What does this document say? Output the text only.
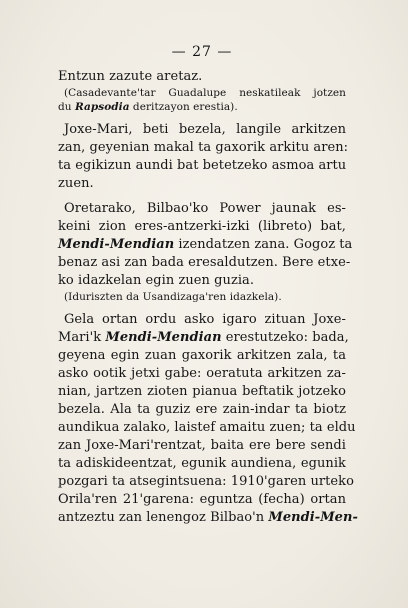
— 27 —
Entzun zazute aretaz.
(Casadevante'tar Guadalupe neskatileak jotzen
du Rapsodia deritzayon erestia).
Joxe-Mari, beti bezela, langile arkitzen
zan, geyenian makal ta gaxorik arkitu aren:
ta egikizun aundi bat betetzeko asmoa artu
zuen.
Oretarako, Bilbao'ko Power jaunak es-
keini zion eres-antzerki-izki (libreto) bat,
Mendi-Mendian izendatzen zana. Gogoz ta
benaz asi zan bada eresaldutzen. Bere etxe-
ko idazkelan egin zuen guzia.
(Iduriszten da Usandizaga'ren idazkela).
Gela ortan ordu asko igaro zituan Joxe-
Mari'k Mendi-Mendian erestutzeko: bada,
geyena egin zuan gaxorik arkitzen zala, ta
asko ootik jetxi gabe: oeratuta arkitzen za-
nian, jartzen zioten pianua beftatik jotzeko
bezela. Ala ta guziz ere zain-indar ta biotz
aundikua zalako, laistef amaitu zuen; ta eldu
zan Joxe-Mari'rentzat, baita ere bere sendi
ta adiskideentzat, egunik aundiena, egunik
pozgari ta atsegintsuena: 1910'garen urteko
Orila'ren 21'garena: eguntza (fecha) ortan
antzeztu zan lenengoz Bilbao'n Mendi-Men-
